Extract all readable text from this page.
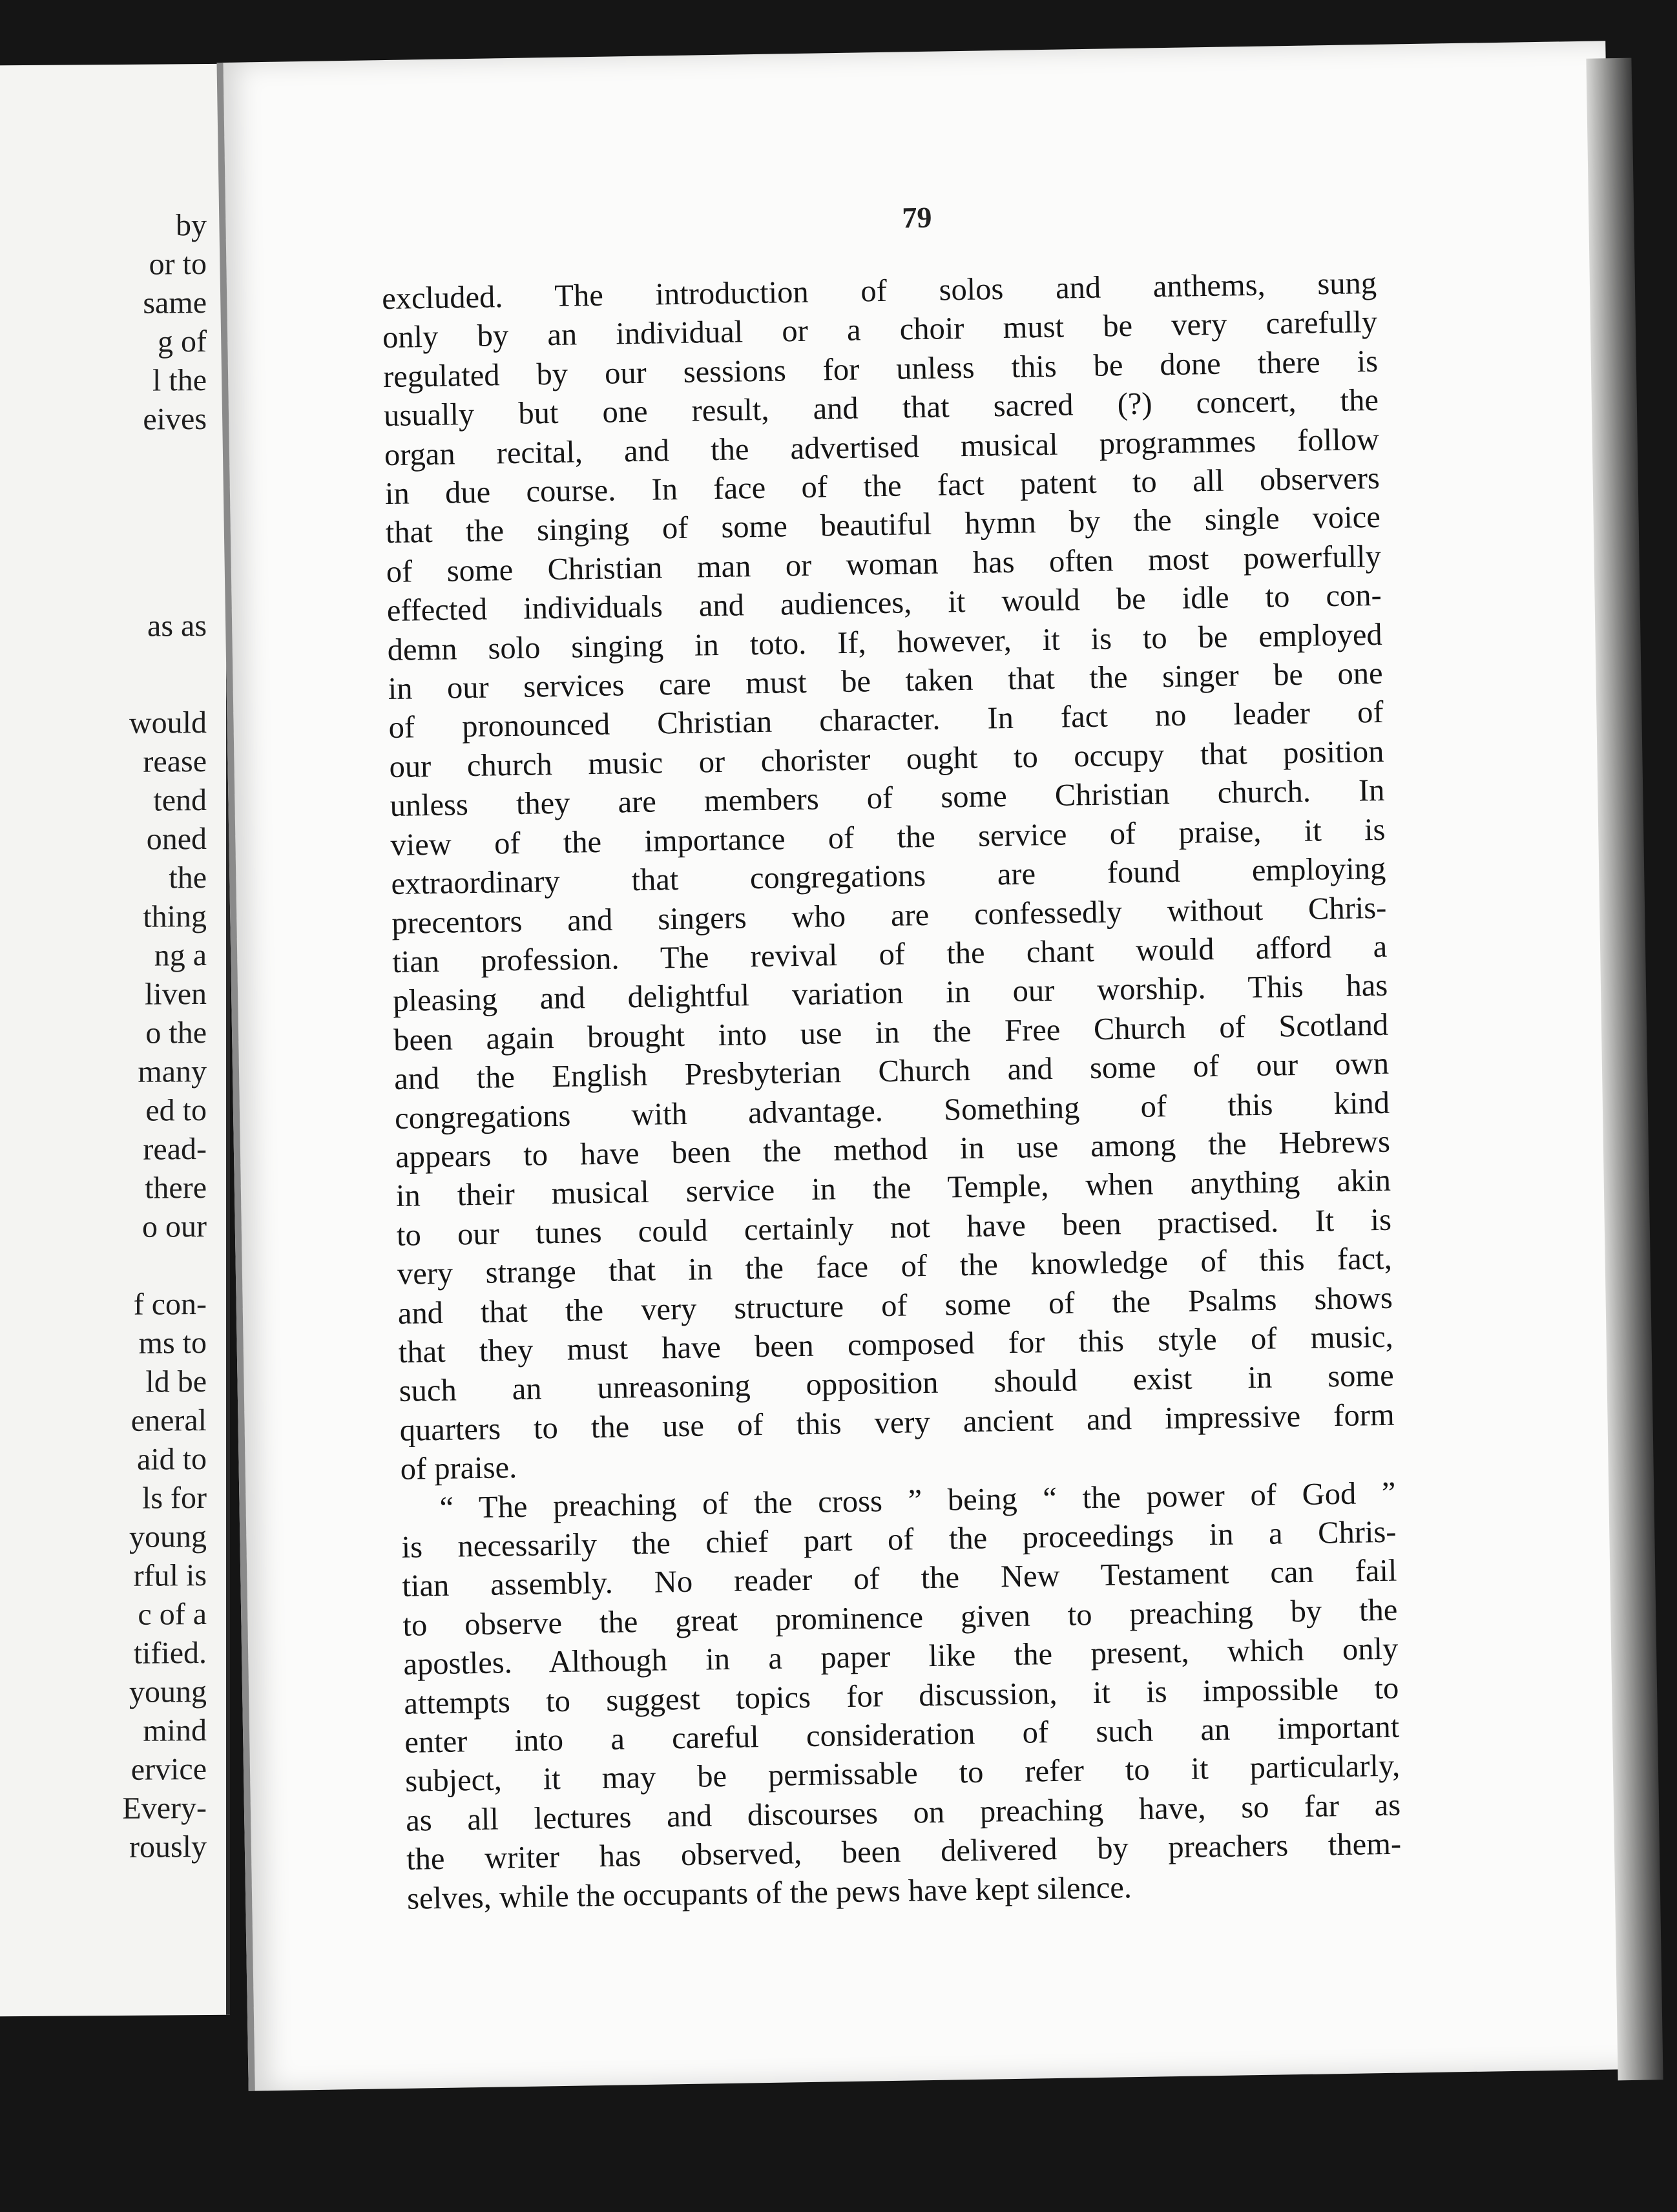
by
or to
same
g of
l the
eives
as as
would
rease
tend
oned
the
thing
ng a
liven
o the
many
ed to
read-
there
o our
f con-
ms to
ld be
eneral
aid to
ls for
young
rful is
c of a
tified.
young
mind
ervice
Every-
rously
79
excluded. The introduction of solos and anthems, sung
only by an individual or a choir must be very carefully
regulated by our sessions for unless this be done there is
usually but one result, and that sacred (?) concert, the
organ recital, and the advertised musical programmes follow
in due course. In face of the fact patent to all observers
that the singing of some beautiful hymn by the single voice
of some Christian man or woman has often most powerfully
effected individuals and audiences, it would be idle to con-
demn solo singing in toto. If, however, it is to be employed
in our services care must be taken that the singer be one
of pronounced Christian character. In fact no leader of
our church music or chorister ought to occupy that position
unless they are members of some Christian church. In
view of the importance of the service of praise, it is
extraordinary that congregations are found employing
precentors and singers who are confessedly without Chris-
tian profession. The revival of the chant would afford a
pleasing and delightful variation in our worship. This has
been again brought into use in the Free Church of Scotland
and the English Presbyterian Church and some of our own
congregations with advantage. Something of this kind
appears to have been the method in use among the Hebrews
in their musical service in the Temple, when anything akin
to our tunes could certainly not have been practised. It is
very strange that in the face of the knowledge of this fact,
and that the very structure of some of the Psalms shows
that they must have been composed for this style of music,
such an unreasoning opposition should exist in some
quarters to the use of this very ancient and impressive form
of praise.
“ The preaching of the cross ” being “ the power of God ”
is necessarily the chief part of the proceedings in a Chris-
tian assembly. No reader of the New Testament can fail
to observe the great prominence given to preaching by the
apostles. Although in a paper like the present, which only
attempts to suggest topics for discussion, it is impossible to
enter into a careful consideration of such an important
subject, it may be permissable to refer to it particularly,
as all lectures and discourses on preaching have, so far as
the writer has observed, been delivered by preachers them-
selves, while the occupants of the pews have kept silence.
